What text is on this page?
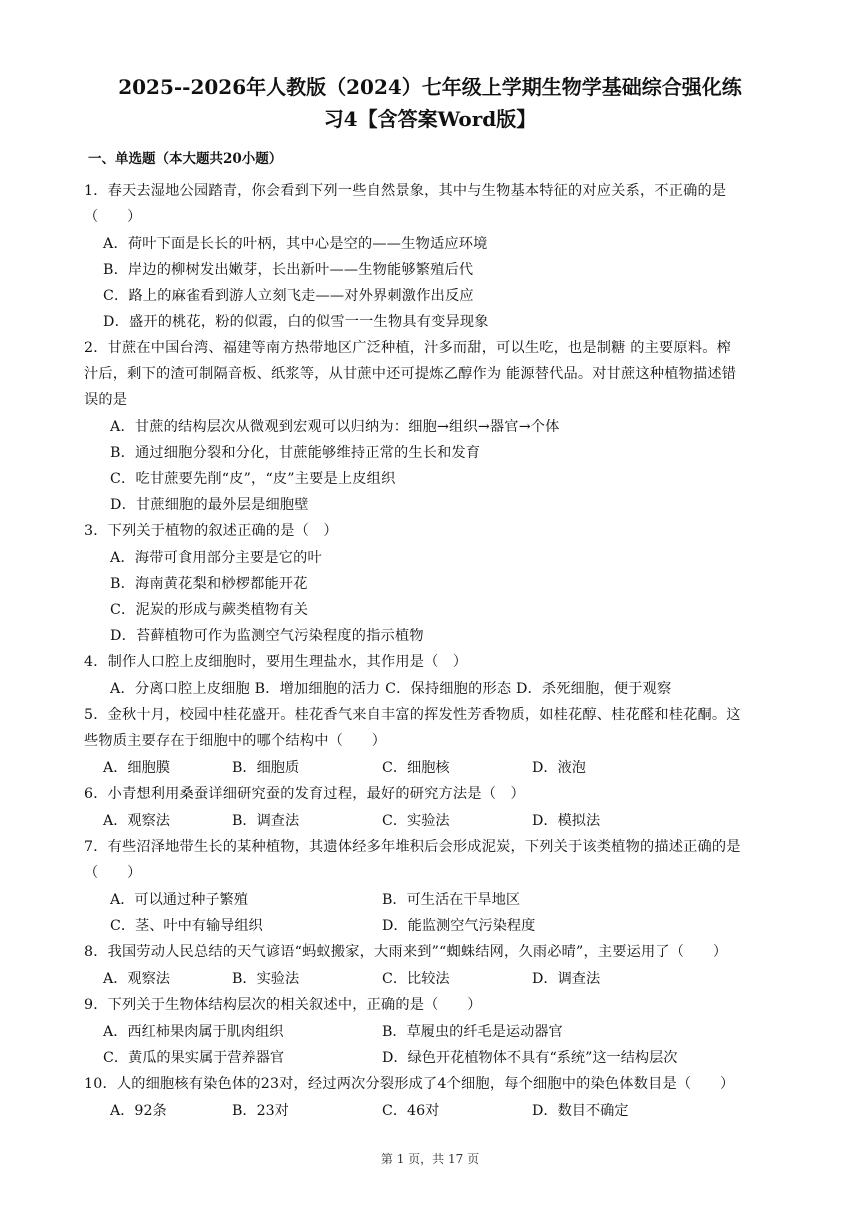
2025--2026年人教版（2024）七年级上学期生物学基础综合强化练
习4【含答案Word版】
一、单选题（本大题共20小题）
1．春天去湿地公园踏青，你会看到下列一些自然景象，其中与生物基本特征的对应关系，不正确的是
（　　）
A．荷叶下面是长长的叶柄，其中心是空的——生物适应环境
B．岸边的柳树发出嫩芽，长出新叶——生物能够繁殖后代
C．路上的麻雀看到游人立刻飞走——对外界刺激作出反应
D．盛开的桃花，粉的似霞，白的似雪一一生物具有变异现象
2．甘蔗在中国台湾、福建等南方热带地区广泛种植，汁多而甜，可以生吃，也是制糖 的主要原料。榨
汁后，剩下的渣可制隔音板、纸浆等，从甘蔗中还可提炼乙醇作为 能源替代品。对甘蔗这种植物描述错
误的是
A．甘蔗的结构层次从微观到宏观可以归纳为：细胞→组织→器官→个体
B．通过细胞分裂和分化，甘蔗能够维持正常的生长和发育
C．吃甘蔗要先削“皮”，“皮”主要是上皮组织
D．甘蔗细胞的最外层是细胞壁
3．下列关于植物的叙述正确的是（　）
A．海带可食用部分主要是它的叶
B．海南黄花梨和桫椤都能开花
C．泥炭的形成与蕨类植物有关
D．苔藓植物可作为监测空气污染程度的指示植物
4．制作人口腔上皮细胞时，要用生理盐水，其作用是（　）
A．分离口腔上皮细胞 B．增加细胞的活力 C．保持细胞的形态 D．杀死细胞，便于观察
5．金秋十月，校园中桂花盛开。桂花香气来自丰富的挥发性芳香物质，如桂花醇、桂花醛和桂花酮。这
些物质主要存在于细胞中的哪个结构中（　　）
A．细胞膜	B．细胞质	C．细胞核	D．液泡
6．小青想利用桑蚕详细研究蚕的发育过程，最好的研究方法是（　）
A．观察法	B．调查法	C．实验法	D．模拟法
7．有些沼泽地带生长的某种植物，其遗体经多年堆积后会形成泥炭，下列关于该类植物的描述正确的是
（　　）
A．可以通过种子繁殖	B．可生活在干旱地区
C．茎、叶中有输导组织	D．能监测空气污染程度
8．我国劳动人民总结的天气谚语“蚂蚁搬家，大雨来到”“蜘蛛结网，久雨必晴”，主要运用了（　　）
A．观察法	B．实验法	C．比较法	D．调查法
9．下列关于生物体结构层次的相关叙述中，正确的是（　　）
A．西红柿果肉属于肌肉组织	B．草履虫的纤毛是运动器官
C．黄瓜的果实属于营养器官	D．绿色开花植物体不具有“系统”这一结构层次
10．人的细胞核有染色体的23对，经过两次分裂形成了4个细胞，每个细胞中的染色体数目是（　　）
A．92条	B．23对	C．46对	D．数目不确定
第 1 页，共 17 页
